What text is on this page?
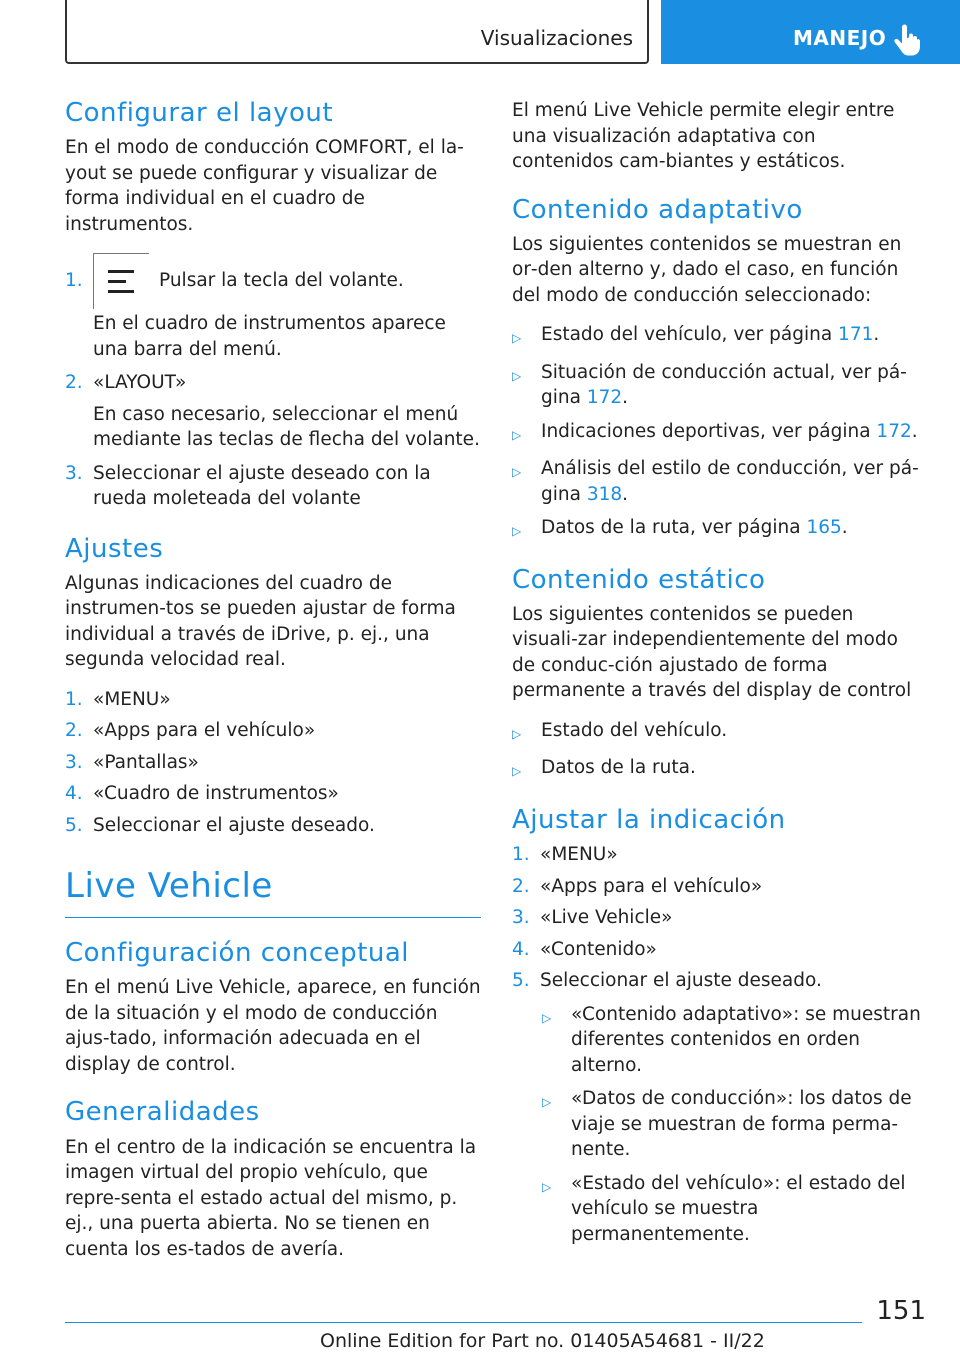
Visualizaciones	MANEJO
Configurar el layout

En el modo de conducción COMFORT, el la‐yout se puede configurar y visualizar de forma individual en el cuadro de instrumentos.

1.	Pulsar la tecla del volante.
En el cuadro de instrumentos aparece una barra del menú.
2. «LAYOUT»
En caso necesario, seleccionar el menú mediante las teclas de flecha del volante.
3. Seleccionar el ajuste deseado con la rueda moleteada del volante
Ajustes

Algunas indicaciones del cuadro de instrumen‐tos se pueden ajustar de forma individual a través de iDrive, p. ej., una segunda velocidad real.

1. «MENU»
2. «Apps para el vehículo»
3. «Pantallas»
4. «Cuadro de instrumentos»
5. Seleccionar el ajuste deseado.
Live Vehicle
Configuración conceptual

En el menú Live Vehicle, aparece, en función de la situación y el modo de conducción ajus‐tado, información adecuada en el display de control.

Generalidades

En el centro de la indicación se encuentra la imagen virtual del propio vehículo, que repre‐senta el estado actual del mismo, p. ej., una puerta abierta. No se tienen en cuenta los es‐tados de avería.

El menú Live Vehicle permite elegir entre una visualización adaptativa con contenidos cam‐biantes y estáticos.

Contenido adaptativo

Los siguientes contenidos se muestran en or‐den alterno y, dado el caso, en función del modo de conducción seleccionado:

▷	Estado del vehículo, ver página 171.
▷	Situación de conducción actual, ver pá‐gina 172.
▷	Indicaciones deportivas, ver página 172.
▷	Análisis del estilo de conducción, ver pá‐gina 318.
▷	Datos de la ruta, ver página 165.
Contenido estático

Los siguientes contenidos se pueden visuali‐zar independientemente del modo de conduc‐ción ajustado de forma permanente a través del display de control

▷	Estado del vehículo.
▷	Datos de la ruta.
Ajustar la indicación
1. «MENU»
2. «Apps para el vehículo»
3. «Live Vehicle»
4. «Contenido»
5. Seleccionar el ajuste deseado.
▷	«Contenido adaptativo»: se muestran diferentes contenidos en orden alterno.
▷	«Datos de conducción»: los datos de viaje se muestran de forma perma‐nente.
▷	«Estado del vehículo»: el estado del vehículo se muestra permanentemente.
151
Online Edition for Part no. 01405A54681 - II/22
